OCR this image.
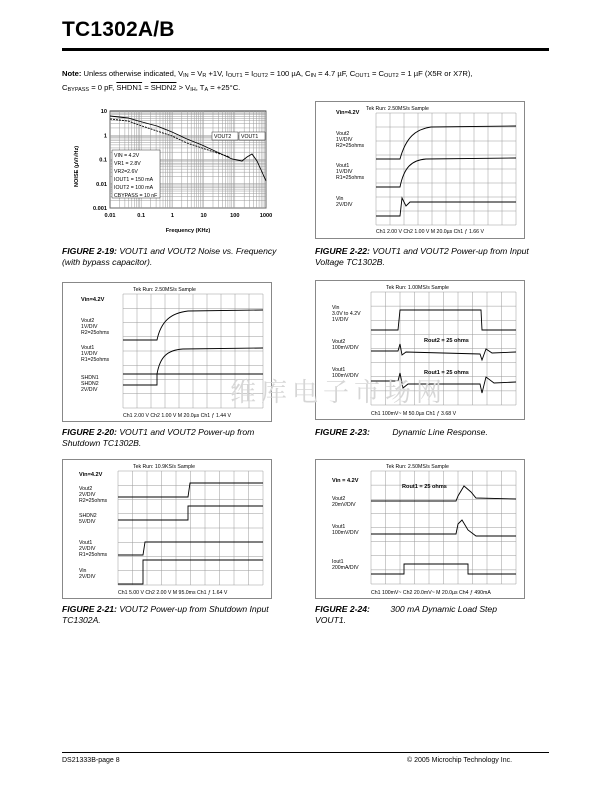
TC1302A/B
Note: Unless otherwise indicated, $V_{IN} = V_R +1V$, $I_{OUT1} = I_{OUT2} = 100$ µA, $C_{IN} = 4.7$ µF, $C_{OUT1} = C_{OUT2} = 1$ µF (X5R or X7R),
$C_{BYPASS} = 0$ pF, SHDN1 = SHDN2 > $V_{IH}$, $T_A = +25^\circ C$.
NOISE (µV/√Hz)
10
1
0.1
0.01
0.001
0.01	0.1	1	10	100	1000
Frequency (KHz)
VOUT2 VOUT1
VIN = 4.2V
VR1 = 2.8V
VR2=2.6V
IOUT1 = 150 mA
IOUT2 = 100 mA
CBYPASS = 10 nF
FIGURE 2-19: VOUT1 and VOUT2 Noise vs. Frequency (with bypass capacitor).
Tek Run: 2.50MS/s Sample
Vin=4.2V
Vout2
1V/DIV
R2=25ohms
Vout1
1V/DIV
R1=25ohms
Vin
2V/DIV
Ch1 2.00 V Ch2 1.00 V M 20.0µs Ch1 ƒ 1.66 V
FIGURE 2-22: VOUT1 and VOUT2 Power-up from Input Voltage TC1302B.
Tek Run: 2.50MS/s Sample
Vin=4.2V
Vout2
1V/DIV
R2=25ohms
Vout1
1V/DIV
R1=25ohms
SHDN1
SHDN2
2V/DIV
Ch1 2.00 V Ch2 1.00 V M 20.0µs Ch1 ƒ 1.44 V
FIGURE 2-20: VOUT1 and VOUT2 Power-up from Shutdown TC1302B.
Tek Run: 1.00MS/s Sample
Vin
3.0V to 4.2V
1V/DIV
Vout2
100mV/DIV
Vout1
100mV/DIV
Rout2 = 25 ohms
Rout1 = 25 ohms
Ch1 100mV~ M 50.0µs Ch1 ƒ 3.68 V
FIGURE 2-23:	Dynamic Line Response.
Tek Run: 10.9KS/s Sample
Vin=4.2V
Vout2
2V/DIV
R2=25ohms
SHDN2
5V/DIV
Vout1
2V/DIV
R1=25ohms
Vin
2V/DIV
Ch1 5.00 V Ch2 2.00 V M 95.0ms Ch1 ƒ 1.64 V
FIGURE 2-21: VOUT2 Power-up from Shutdown Input TC1302A.
Tek Run: 2.50MS/s Sample
Vin = 4.2V
Vout2
20mV/DIV
Vout1
100mV/DIV
Iout1
200mA/DIV
Rout1 = 25 ohms
Ch1 100mV~ Ch2 20.0mV~ M 20.0µs Ch4 ƒ 490mA
FIGURE 2-24: 300 mA Dynamic Load Step VOUT1.
维库电子市场网
DS21333B-page 8	© 2005 Microchip Technology Inc.
